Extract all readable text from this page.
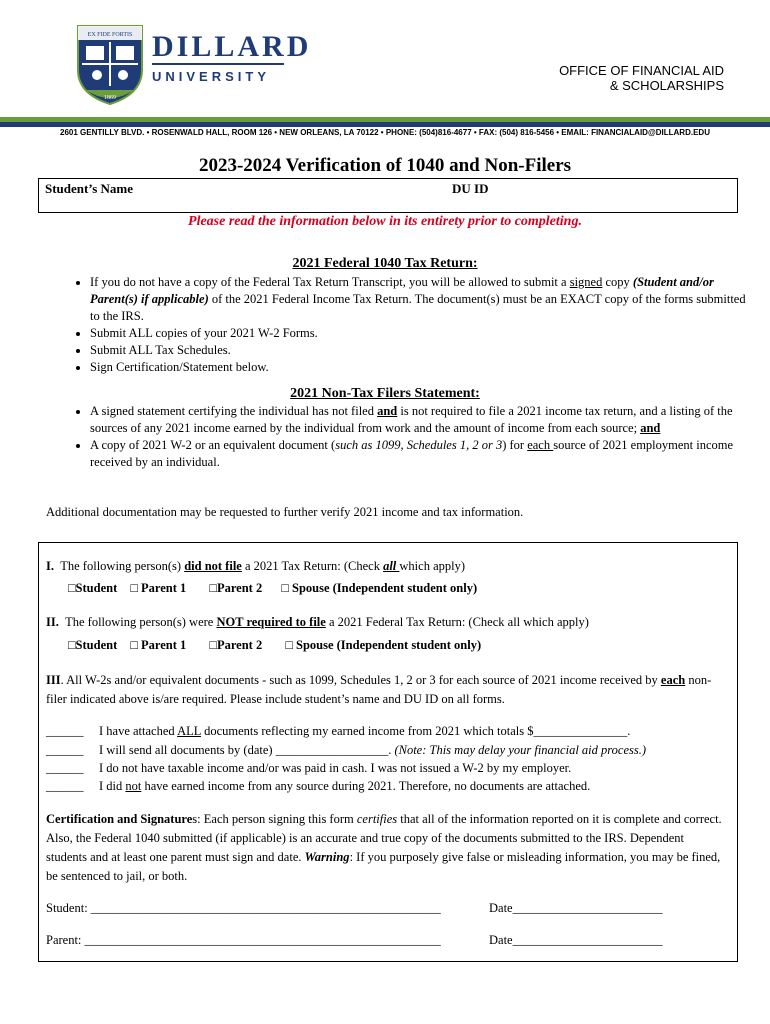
EX FIDE FORTIS
1869
DILLARD
UNIVERSITY	OFFICE OF FINANCIAL AID
& SCHOLARSHIPS
2601 GENTILLY BLVD. • ROSENWALD HALL, ROOM 126 • NEW ORLEANS, LA 70122 • PHONE: (504)816-4677 • FAX: (504) 816-5456 • EMAIL: FINANCIALAID@DILLARD.EDU
2023-2024 Verification of 1040 and Non-Filers
Student’s Name	DU ID
Please read the information below in its entirety prior to completing.
2021 Federal 1040 Tax Return:
• If you do not have a copy of the Federal Tax Return Transcript, you will be allowed to submit a signed copy (Student and/or Parent(s) if applicable) of the 2021 Federal Income Tax Return. The document(s) must be an EXACT copy of the forms submitted to the IRS.
• Submit ALL copies of your 2021 W-2 Forms.
• Submit ALL Tax Schedules.
• Sign Certification/Statement below.
2021 Non-Tax Filers Statement:
• A signed statement certifying the individual has not filed and is not required to file a 2021 income tax return, and a listing of the sources of any 2021 income earned by the individual from work and the amount of income from each source; and
• A copy of 2021 W-2 or an equivalent document (such as 1099, Schedules 1, 2 or 3) for each source of 2021 employment income received by an individual.
Additional documentation may be requested to further verify 2021 income and tax information.
I. The following person(s) did not file a 2021 Tax Return: (Check all which apply)
□Student □ Parent 1 □Parent 2 □ Spouse (Independent student only)
II. The following person(s) were NOT required to file a 2021 Federal Tax Return: (Check all which apply)
□Student □ Parent 1 □Parent 2 □ Spouse (Independent student only)
III. All W-2s and/or equivalent documents - such as 1099, Schedules 1, 2 or 3 for each source of 2021 income received by each non-filer indicated above is/are required. Please include student’s name and DU ID on all forms.
______ I have attached ALL documents reflecting my earned income from 2021 which totals $_______________.
______ I will send all documents by (date) __________________. (Note: This may delay your financial aid process.)
______ I do not have taxable income and/or was paid in cash. I was not issued a W-2 by my employer.
______ I did not have earned income from any source during 2021. Therefore, no documents are attached.
Certification and Signatures: Each person signing this form certifies that all of the information reported on it is complete and correct. Also, the Federal 1040 submitted (if applicable) is an accurate and true copy of the documents submitted to the IRS. Dependent students and at least one parent must sign and date. Warning: If you purposely give false or misleading information, you may be fined, be sentenced to jail, or both.
Student: ________________________________________________________	Date________________________
Parent: _________________________________________________________	Date________________________
